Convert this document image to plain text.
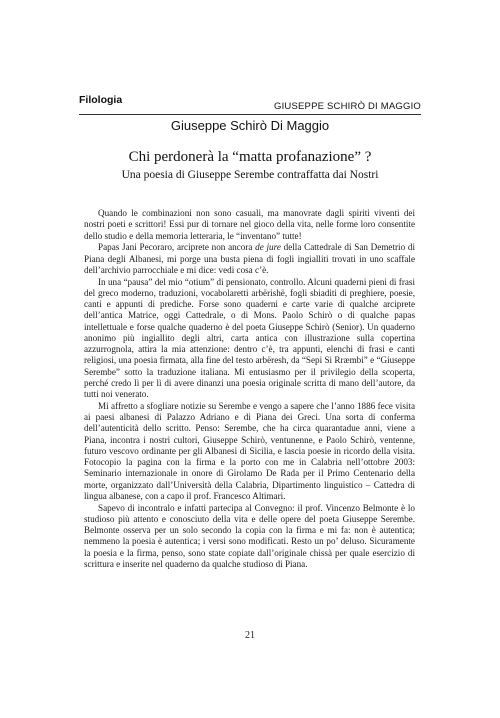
Filologia
GIUSEPPE SCHIRÒ DI MAGGIO
Giuseppe Schirò Di Maggio
Chi perdonerà la “matta profanazione” ?
Una poesia di Giuseppe Serembe contraffatta dai Nostri

Quando le combinazioni non sono casuali, ma manovrate dagli spiriti viventi dei nostri poeti e scrittori! Essi pur di tornare nel gioco della vita, nelle forme loro consentite dello studio e della memoria letteraria, le “inventano” tutte!

Papas Jani Pecoraro, arciprete non ancora de jure della Cattedrale di San Demetrio di Piana degli Albanesi, mi porge una busta piena di fogli ingialliti trovati in uno scaffale dell’archivio parrocchiale e mi dice: vedi cosa c’è.

In una “pausa” del mio “otium” di pensionato, controllo. Alcuni quaderni pieni di frasi del greco moderno, traduzioni, vocabolaretti arbërishë, fogli sbiaditi di preghiere, poesie, canti e appunti di prediche. Forse sono quaderni e carte varie di qualche arciprete dell’antica Matrice, oggi Cattedrale, o di Mons. Paolo Schirò o di qualche papas intellettuale e forse qualche quaderno è del poeta Giuseppe Schirò (Senior). Un quaderno anonimo più ingiallito degli altri, carta antica con illustrazione sulla copertina azzurrognola, attira la mia attenzione: dentro c’è, tra appunti, elenchi di frasi e canti religiosi, una poesia firmata, alla fine del testo arbëresh, da “Sepi Si Rræmbi” e “Giuseppe Serembe” sotto la traduzione italiana. Mi entusiasmo per il privilegio della scoperta, perché credo lì per lì di avere dinanzi una poesia originale scritta di mano dell’autore, da tutti noi venerato.

Mi affretto a sfogliare notizie su Serembe e vengo a sapere che l’anno 1886 fece visita ai paesi albanesi di Palazzo Adriano e di Piana dei Greci. Una sorta di conferma dell’autenticità dello scritto. Penso: Serembe, che ha circa quarantadue anni, viene a Piana, incontra i nostri cultori, Giuseppe Schirò, ventunenne, e Paolo Schirò, ventenne, futuro vescovo ordinante per gli Albanesi di Sicilia, e lascia poesie in ricordo della visita. Fotocopio la pagina con la firma e la porto con me in Calabria nell’ottobre 2003: Seminario internazionale in onore di Girolamo De Rada per il Primo Centenario della morte, organizzato dall’Università della Calabria, Dipartimento linguistico – Cattedra di lingua albanese, con a capo il prof. Francesco Altimari.

Sapevo di incontralo e infatti partecipa al Convegno: il prof. Vincenzo Belmonte è lo studioso più attento e conosciuto della vita e delle opere del poeta Giuseppe Serembe. Belmonte osserva per un solo secondo la copia con la firma e mi fa: non è autentica; nemmeno la poesia è autentica; i versi sono modificati. Resto un po’ deluso. Sicuramente la poesia e la firma, penso, sono state copiate dall’originale chissà per quale esercizio di scrittura e inserite nel quaderno da qualche studioso di Piana.

21
